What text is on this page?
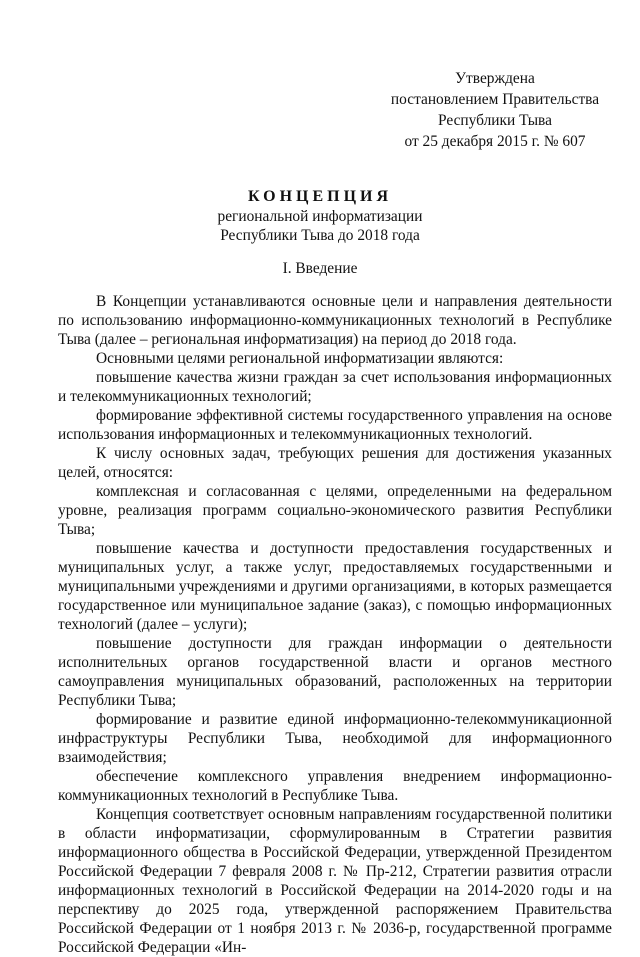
Утверждена
постановлением Правительства
Республики Тыва
от 25 декабря 2015 г. № 607
КОНЦЕПЦИЯ
региональной информатизации
Республики Тыва до 2018 года
I. Введение

В Концепции устанавливаются основные цели и направления деятельности по использованию информационно-коммуникационных технологий в Республике Тыва (далее – региональная информатизация) на период до 2018 года.

Основными целями региональной информатизации являются:

повышение качества жизни граждан за счет использования информационных и телекоммуникационных технологий;

формирование эффективной системы государственного управления на основе использования информационных и телекоммуникационных технологий.

К числу основных задач, требующих решения для достижения указанных целей, относятся:

комплексная и согласованная с целями, определенными на федеральном уровне, реализация программ социально-экономического развития Республики Тыва;

повышение качества и доступности предоставления государственных и муниципальных услуг, а также услуг, предоставляемых государственными и муниципальными учреждениями и другими организациями, в которых размещается государственное или муниципальное задание (заказ), с помощью информационных технологий (далее – услуги);

повышение доступности для граждан информации о деятельности исполнительных органов государственной власти и органов местного самоуправления муниципальных образований, расположенных на территории Республики Тыва;

формирование и развитие единой информационно-телекоммуникационной инфраструктуры Республики Тыва, необходимой для информационного взаимодействия;

обеспечение комплексного управления внедрением информационно-коммуникационных технологий в Республике Тыва.

Концепция соответствует основным направлениям государственной политики в области информатизации, сформулированным в Стратегии развития информационного общества в Российской Федерации, утвержденной Президентом Российской Федерации 7 февраля 2008 г. № Пр-212, Стратегии развития отрасли информационных технологий в Российской Федерации на 2014-2020 годы и на перспективу до 2025 года, утвержденной распоряжением Правительства Российской Федерации от 1 ноября 2013 г. № 2036-р, государственной программе Российской Федерации «Ин-
